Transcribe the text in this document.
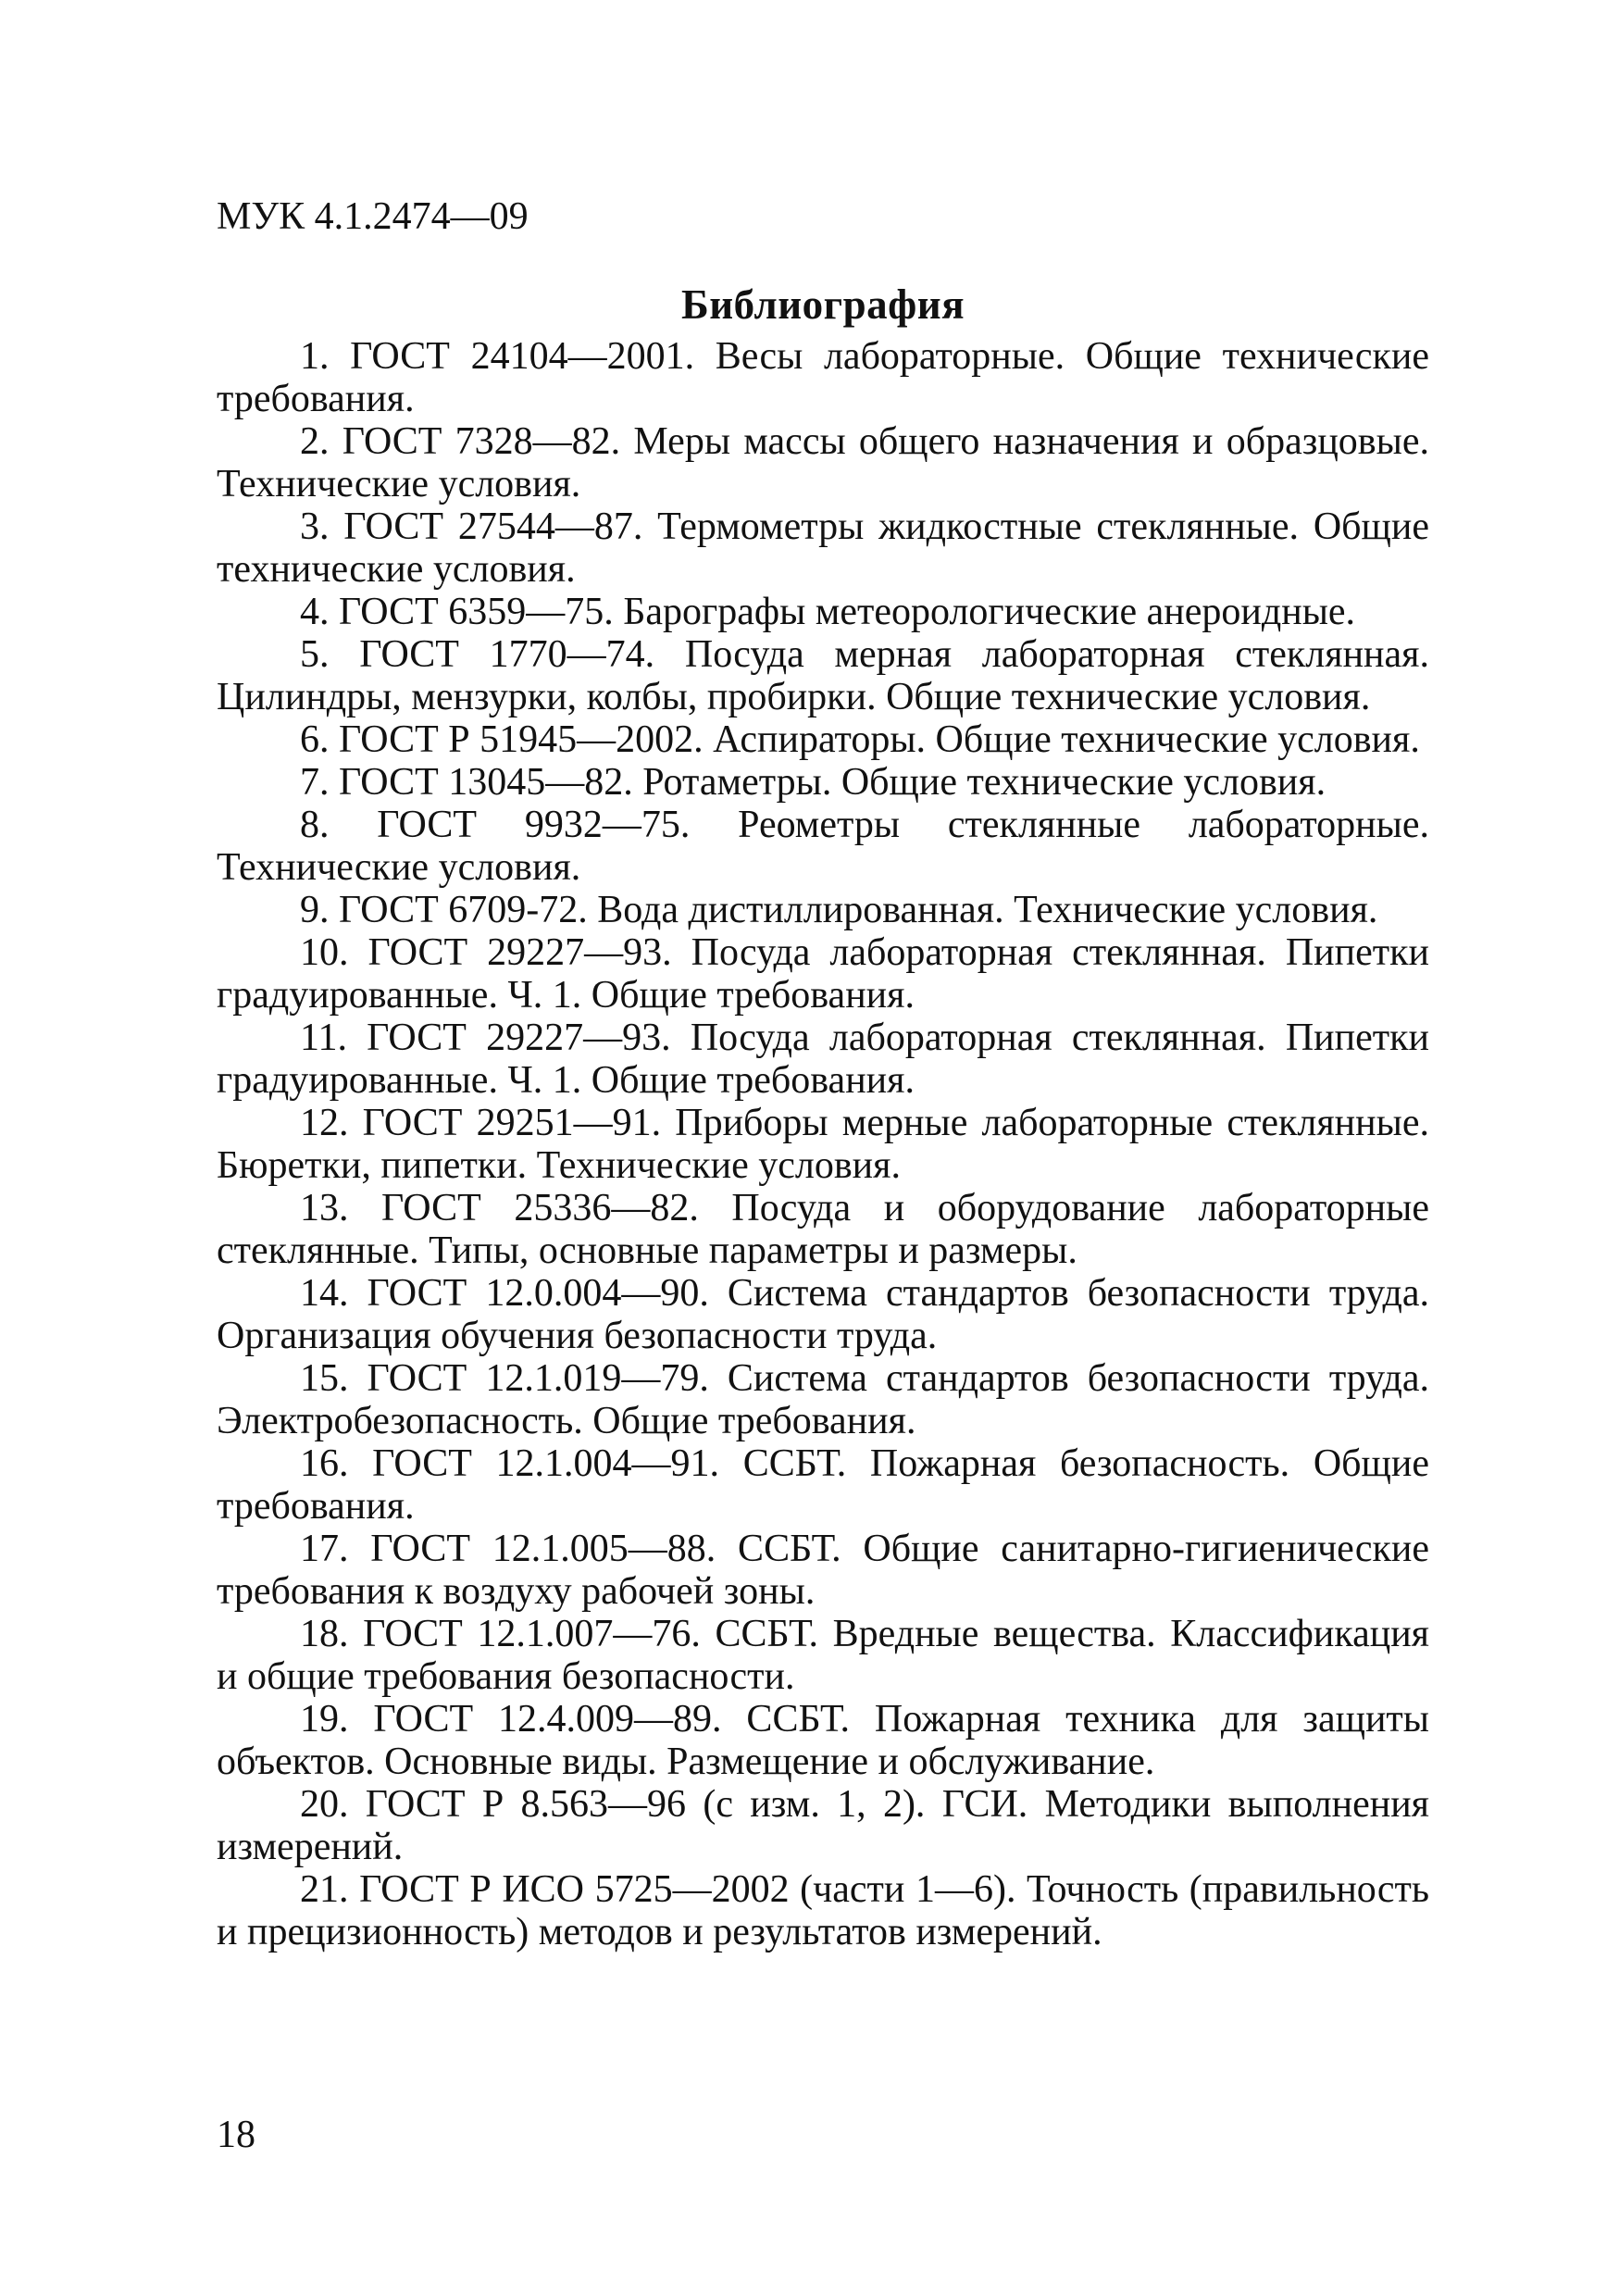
МУК 4.1.2474—09
Библиография
1. ГОСТ 24104—2001. Весы лабораторные. Общие технические требования.
2. ГОСТ 7328—82. Меры массы общего назначения и образцовые. Технические условия.
3. ГОСТ 27544—87. Термометры жидкостные стеклянные. Общие технические условия.
4. ГОСТ 6359—75. Барографы метеорологические анероидные.
5. ГОСТ 1770—74. Посуда мерная лабораторная стеклянная. Цилиндры, мензурки, колбы, пробирки. Общие технические условия.
6. ГОСТ Р 51945—2002. Аспираторы. Общие технические условия.
7. ГОСТ 13045—82. Ротаметры. Общие технические условия.
8. ГОСТ 9932—75. Реометры стеклянные лабораторные. Технические условия.
9. ГОСТ 6709-72. Вода дистиллированная. Технические условия.
10. ГОСТ 29227—93. Посуда лабораторная стеклянная. Пипетки градуированные. Ч. 1. Общие требования.
11. ГОСТ 29227—93. Посуда лабораторная стеклянная. Пипетки градуированные. Ч. 1. Общие требования.
12. ГОСТ 29251—91. Приборы мерные лабораторные стеклянные. Бюретки, пипетки. Технические условия.
13. ГОСТ 25336—82. Посуда и оборудование лабораторные стеклянные. Типы, основные параметры и размеры.
14. ГОСТ 12.0.004—90. Система стандартов безопасности труда. Организация обучения безопасности труда.
15. ГОСТ 12.1.019—79. Система стандартов безопасности труда. Электробезопасность. Общие требования.
16. ГОСТ 12.1.004—91. ССБТ. Пожарная безопасность. Общие требования.
17. ГОСТ 12.1.005—88. ССБТ. Общие санитарно-гигиенические требования к воздуху рабочей зоны.
18. ГОСТ 12.1.007—76. ССБТ. Вредные вещества. Классификация и общие требования безопасности.
19. ГОСТ 12.4.009—89. ССБТ. Пожарная техника для защиты объектов. Основные виды. Размещение и обслуживание.
20. ГОСТ Р 8.563—96 (с изм. 1, 2). ГСИ. Методики выполнения измерений.
21. ГОСТ Р ИСО 5725—2002 (части 1—6). Точность (правильность и прецизионность) методов и результатов измерений.
18
